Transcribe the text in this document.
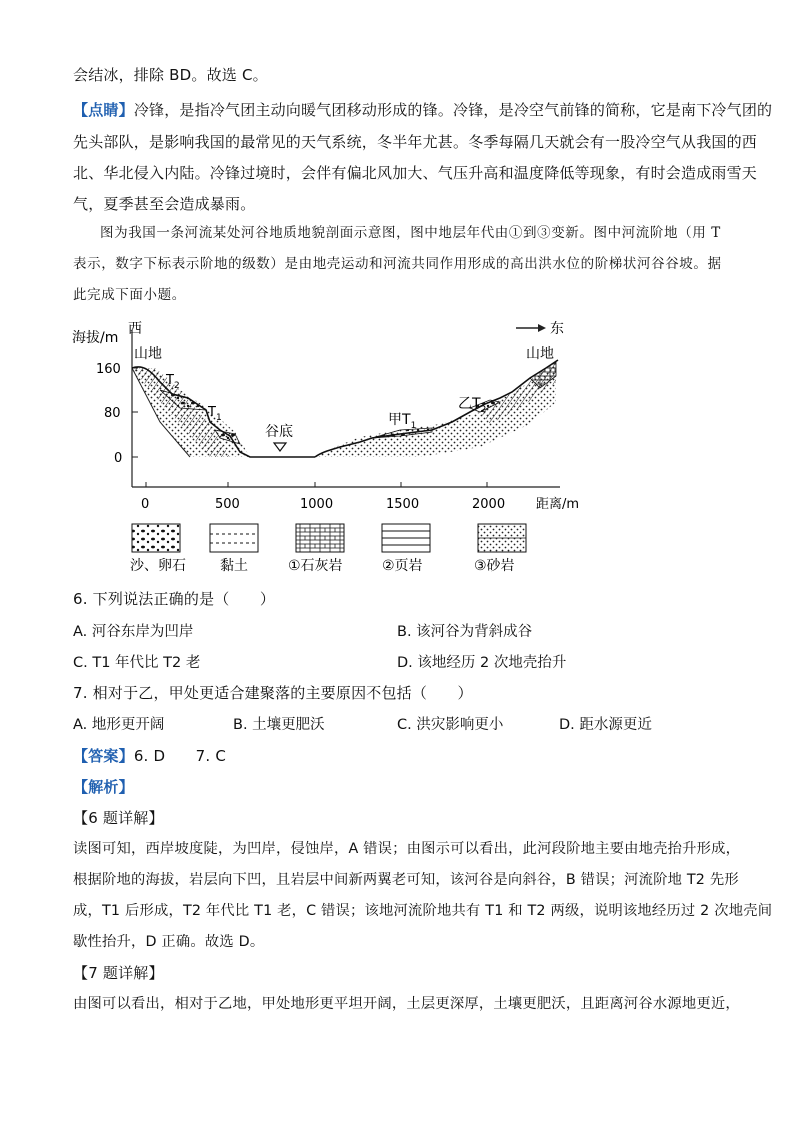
会结冰，排除 BD。故选 C。
【点睛】冷锋，是指冷气团主动向暖气团移动形成的锋。冷锋，是冷空气前锋的简称，它是南下冷气团的
先头部队，是影响我国的最常见的天气系统，冬半年尤甚。冬季每隔几天就会有一股冷空气从我国的西
北、华北侵入内陆。冷锋过境时，会伴有偏北风加大、气压升高和温度降低等现象，有时会造成雨雪天
气，夏季甚至会造成暴雨。
图为我国一条河流某处河谷地质地貌剖面示意图，图中地层年代由①到③变新。图中河流阶地（用 T
表示，数字下标表示阶地的级数）是由地壳运动和河流共同作用形成的高出洪水位的阶梯状河谷谷坡。据
此完成下面小题。
海拔/m
西
160
80
0
0	500	1000	1500	2000 距离/m
东
山地
$T_2$
$T_1$
谷底
甲$T_1$
乙$T_2$
山地
沙、卵石 黏土	①石灰岩	②页岩	③砂岩
6. 下列说法正确的是（　　）
A. 河谷东岸为凹岸	B. 该河谷为背斜成谷
C. T1 年代比 T2 老	D. 该地经历 2 次地壳抬升
7. 相对于乙，甲处更适合建聚落的主要原因不包括（　　）
A. 地形更开阔	B. 土壤更肥沃	C. 洪灾影响更小	D. 距水源更近
【答案】6. D　　7. C
【解析】
【6 题详解】
读图可知，西岸坡度陡，为凹岸，侵蚀岸，A 错误；由图示可以看出，此河段阶地主要由地壳抬升形成，
根据阶地的海拔，岩层向下凹，且岩层中间新两翼老可知，该河谷是向斜谷，B 错误；河流阶地 T2 先形
成，T1 后形成，T2 年代比 T1 老，C 错误；该地河流阶地共有 T1 和 T2 两级，说明该地经历过 2 次地壳间
歇性抬升，D 正确。故选 D。
【7 题详解】
由图可以看出，相对于乙地，甲处地形更平坦开阔，土层更深厚，土壤更肥沃，且距离河谷水源地更近，
